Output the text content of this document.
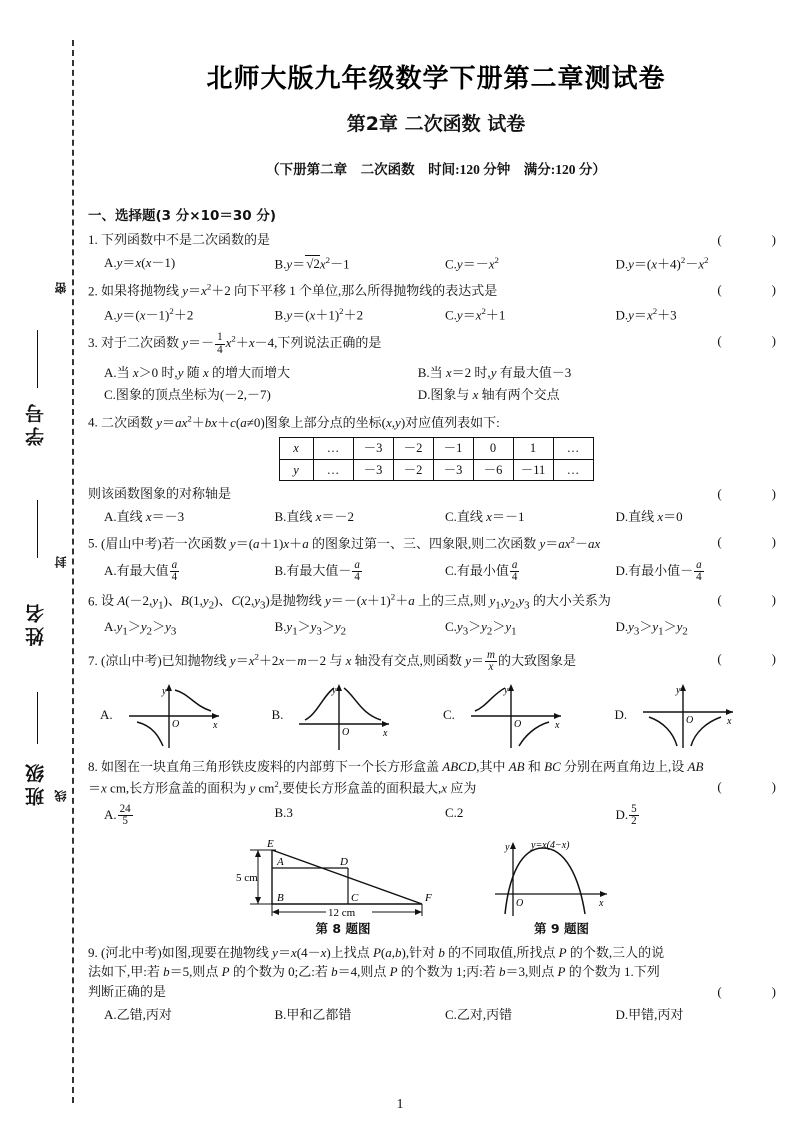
密
封
线
学号
姓名
班级
北师大版九年级数学下册第二章测试卷
第2章 二次函数 试卷
（下册第二章　二次函数　时间:120 分钟　满分:120 分）
一、选择题(3 分×10＝30 分)
1. 下列函数中不是二次函数的是	(　　)
A.y＝x(x－1)	$B.y=√2x^2-1$	$C.y=-x^2$	$D.y=(x+4)^2-x^2$
2. 如果将抛物线 $y=x^2+2$ 向下平移 1 个单位,那么所得抛物线的表达式是	(　　)
$A.y=(x-1)^2+2$	$B.y=(x+1)^2+2$	$C.y=x^2+1$	$D.y=x^2+3$
3. 对于二次函数 $y=- \frac{1}{4} x^2+x-4$,下列说法正确的是	(　　)
A.当 x＞0 时,y 随 x 的增大而增大	B.当 x＝2 时,y 有最大值－3
C.图象的顶点坐标为(－2,－7)	D.图象与 x 轴有两个交点
4. 二次函数 $y=ax^2+bx+c(a\ne 0)$图象上部分点的坐标(x,y)对应值列表如下:
x	…	－3	－2	－1	0	1	…
y	…	－3	－2	－3	－6	－11	…
则该函数图象的对称轴是	(　　)
A.直线 x＝－3	B.直线 x＝－2	C.直线 x＝－1	D.直线 x＝0
5. (眉山中考)若一次函数 y＝(a＋1)x＋a 的图象过第一、三、四象限,则二次函数 $y=ax^2-ax$	(　　)
A.有最大值 $\frac{a}{4}$	B.有最大值－ $\frac{a}{4}$	C.有最小值 $\frac{a}{4}$	D.有最小值－ $\frac{a}{4}$
6. 设 $A(-2,y_1)$、$B(1,y_2)$、$C(2,y_3)$是抛物线 $y=-(x+1)^2+a$ 上的三点,则 $y_1,y_2,y_3$ 的大小关系为	(　　)
$A.y_1>y_2>y_3$	$B.y_1>y_3>y_2$	$C.y_3>y_2>y_1$	$D.y_3>y_1>y_2$
7. (凉山中考)已知抛物线 $y=x^2+2x-m-2$ 与 x 轴没有交点,则函数 $y= \frac{m}{x}$ 的大致图象是	(　　)
A.
y
O	x
B.
y
O	x
C.
y
O	x
D.
y
O	x
8. 如图在一块直角三角形铁皮废料的内部剪下一个长方形盒盖 ABCD,其中 AB 和 BC 分别在两直角边上,设 AB
＝x cm,长方形盒盖的面积为 y $cm^2$,要使长方形盒盖的面积最大,x 应为	(　　)
A. $\frac{24}{5}$	B.3	C.2	D. $\frac{5}{2}$
5 cm
E
A	D
B	C	F
12 cm
第 8 题图
y
O	x
y=x(4−x)
第 9 题图
9. (河北中考)如图,现要在抛物线 y＝x(4－x)上找点 P(a,b),针对 b 的不同取值,所找点 P 的个数,三人的说
法如下,甲:若 b＝5,则点 P 的个数为 0;乙:若 b＝4,则点 P 的个数为 1;丙:若 b＝3,则点 P 的个数为 1.下列
判断正确的是	(　　)
A.乙错,丙对	B.甲和乙都错	C.乙对,丙错	D.甲错,丙对
1
